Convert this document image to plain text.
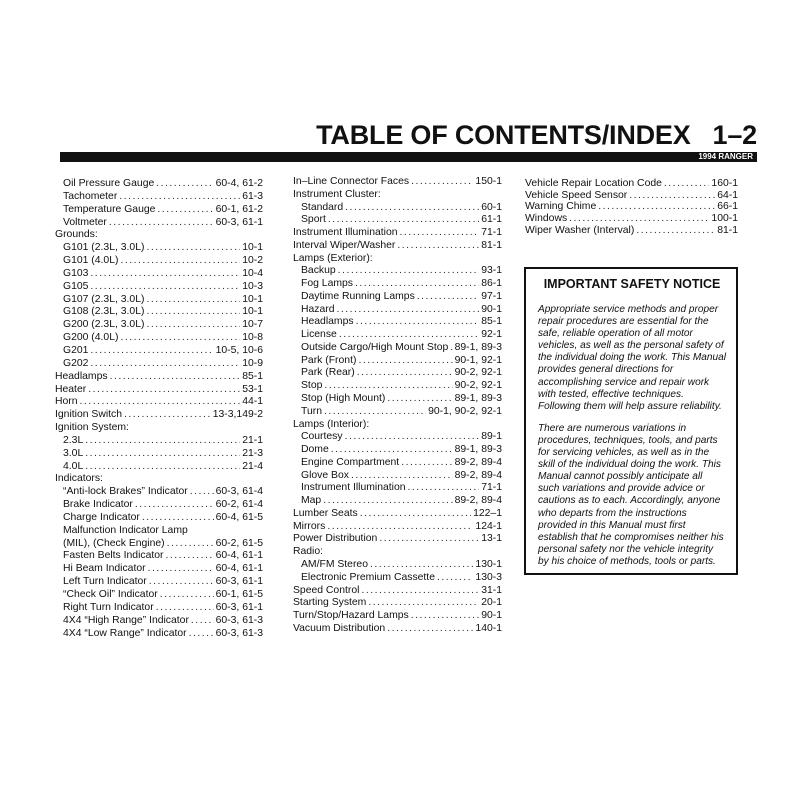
TABLE OF CONTENTS/INDEX 1–2
1994 RANGER
Oil Pressure Gauge .....	60-4, 61-2
Tachometer .....	61-3
Temperature Gauge .....	60-1, 61-2
Voltmeter .....	60-3, 61-1
Grounds:
G101 (2.3L, 3.0L) .....	10-1
G101 (4.0L) .....	10-2
G103 .....	10-4
G105 .....	10-3
G107 (2.3L, 3.0L) .....	10-1
G108 (2.3L, 3.0L) .....	10-1
G200 (2.3L, 3.0L) .....	10-7
G200 (4.0L) .....	10-8
G201 .....	10-5, 10-6
G202 .....	10-9
Headlamps .....	85-1
Heater .....	53-1
Horn .....	44-1
Ignition Switch .....	13-3,149-2
Ignition System:
2.3L .....	21-1
3.0L .....	21-3
4.0L .....	21-4
Indicators:
“Anti-lock Brakes” Indicator .....	60-3, 61-4
Brake Indicator .....	60-2, 61-4
Charge Indicator .....	60-4, 61-5
Malfunction Indicator Lamp
(MIL), (Check Engine) .....	60-2, 61-5
Fasten Belts Indicator .....	60-4, 61-1
Hi Beam Indicator .....	60-4, 61-1
Left Turn Indicator .....	60-3, 61-1
“Check Oil” Indicator .....	60-1, 61-5
Right Turn Indicator .....	60-3, 61-1
4X4 “High Range” Indicator .....	60-3, 61-3
4X4 “Low Range” Indicator .....	60-3, 61-3
In–Line Connector Faces .....	150-1
Instrument Cluster:
Standard .....	60-1
Sport .....	61-1
Instrument Illumination .....	71-1
Interval Wiper/Washer .....	81-1
Lamps (Exterior):
Backup .....	93-1
Fog Lamps .....	86-1
Daytime Running Lamps .....	97-1
Hazard .....	90-1
Headlamps .....	85-1
License .....	92-1
Outside Cargo/High Mount Stop ..... 89-1, 89-3
Park (Front) .....	90-1, 92-1
Park (Rear) .....	90-2, 92-1
Stop .....	90-2, 92-1
Stop (High Mount) .....	89-1, 89-3
Turn .....	90-1, 90-2, 92-1
Lamps (Interior):
Courtesy .....	89-1
Dome .....	89-1, 89-3
Engine Compartment .....	89-2, 89-4
Glove Box .....	89-2, 89-4
Instrument Illumination .....	71-1
Map .....	89-2, 89-4
Lumber Seats .....	122–1
Mirrors .....	124-1
Power Distribution .....	13-1
Radio:
AM/FM Stereo .....	130-1
Electronic Premium Cassette .....	130-3
Speed Control .....	31-1
Starting System .....	20-1
Turn/Stop/Hazard Lamps .....	90-1
Vacuum Distribution .....	140-1
Vehicle Repair Location Code .....	160-1
Vehicle Speed Sensor .....	64-1
Warning Chime .....	66-1
Windows .....	100-1
Wiper Washer (Interval) .....	81-1
IMPORTANT SAFETY NOTICE

Appropriate service methods and proper repair procedures are essential for the safe, reliable operation of all motor vehicles, as well as the personal safety of the individual doing the work. This Manual provides general directions for accomplishing service and repair work with tested, effective techniques. Following them will help assure reliability.

There are numerous variations in procedures, techniques, tools, and parts for servicing vehicles, as well as in the skill of the individual doing the work. This Manual cannot possibly anticipate all such variations and provide advice or cautions as to each. Accordingly, anyone who departs from the instructions provided in this Manual must first establish that he compromises neither his personal safety nor the vehicle integrity by his choice of methods, tools or parts.
